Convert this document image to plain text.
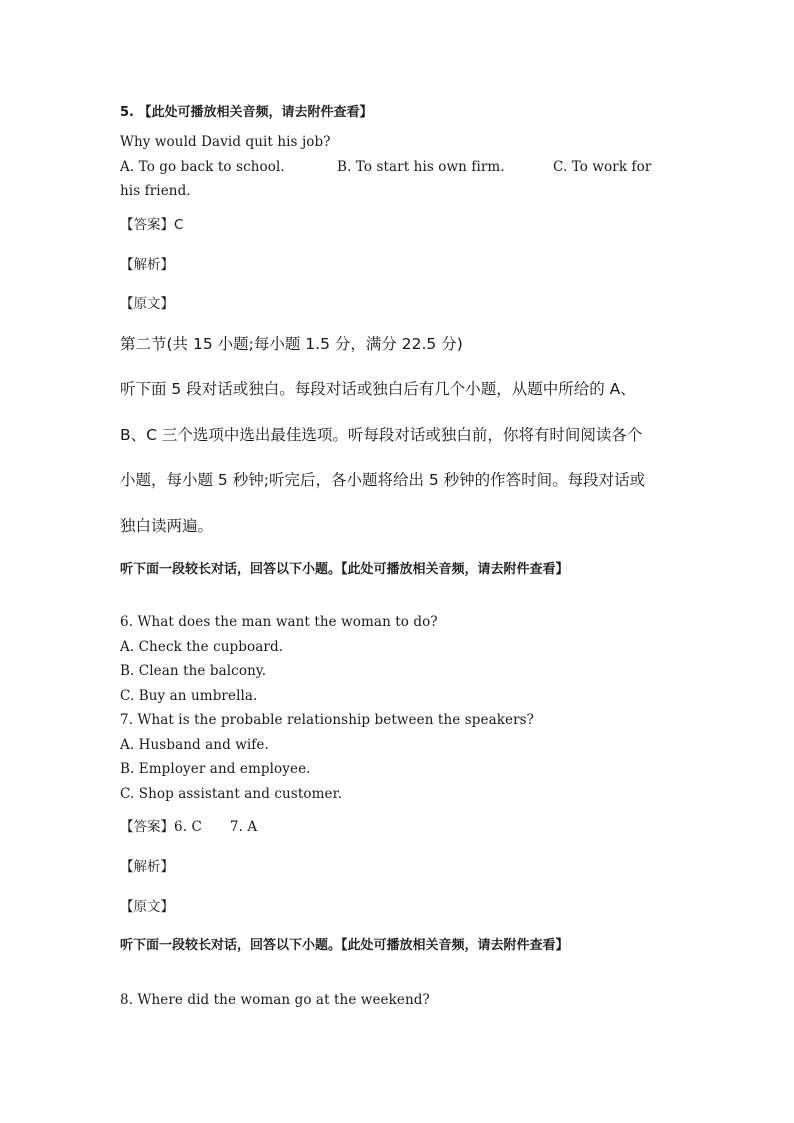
5. 【此处可播放相关音频，请去附件查看】
Why would David quit his job?
A. To go back to school.	B. To start his own firm.	C. To work for
his friend.
【答案】C
【解析】
【原文】
第二节(共 15 小题;每小题 1.5 分，满分 22.5 分)
听下面 5 段对话或独白。每段对话或独白后有几个小题，从题中所给的 A、
B、C 三个选项中选出最佳选项。听每段对话或独白前，你将有时间阅读各个
小题，每小题 5 秒钟;听完后，各小题将给出 5 秒钟的作答时间。每段对话或
独白读两遍。
听下面一段较长对话，回答以下小题。【此处可播放相关音频，请去附件查看】
6. What does the man want the woman to do?
A. Check the cupboard.
B. Clean the balcony.
C. Buy an umbrella.
7. What is the probable relationship between the speakers?
A. Husband and wife.
B. Employer and employee.
C. Shop assistant and customer.
【答案】6. C 7. A
【解析】
【原文】
听下面一段较长对话，回答以下小题。【此处可播放相关音频，请去附件查看】
8. Where did the woman go at the weekend?
